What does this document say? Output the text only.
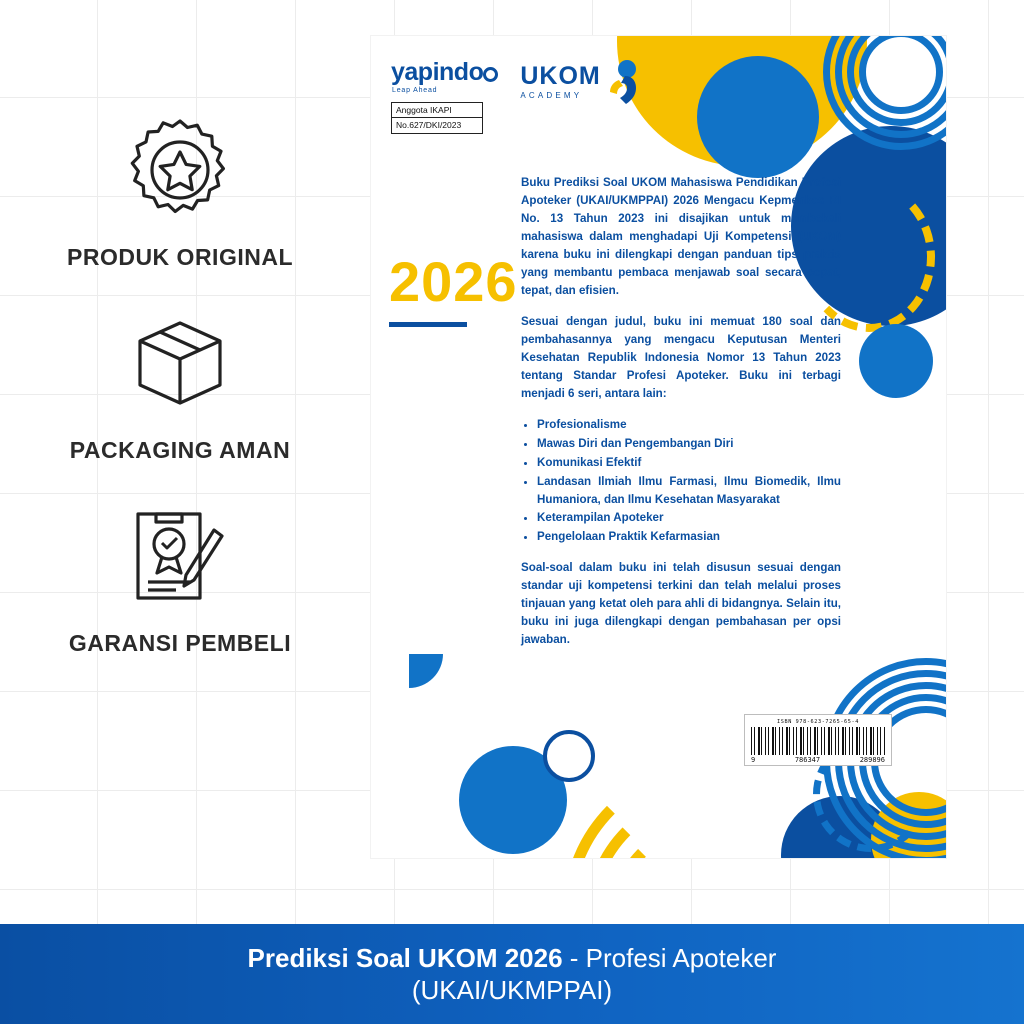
PRODUK ORIGINAL
PACKAGING AMAN
GARANSI PEMBELI
yapindo
Leap Ahead
Anggota IKAPI
No.627/DKI/2023
UKOM
ACADEMY
2026

Buku Prediksi Soal UKOM Mahasiswa Pendidikan Profesi Apoteker (UKAI/UKMPPAI) 2026 Mengacu Kepmenkes RI No. 13 Tahun 2023 ini disajikan untuk membekali mahasiswa dalam menghadapi Uji Kompetensi (UKOM) karena buku ini dilengkapi dengan panduan tips praktis yang membantu pembaca menjawab soal secara cepat, tepat, dan efisien.

Sesuai dengan judul, buku ini memuat 180 soal dan pembahasannya yang mengacu Keputusan Menteri Kesehatan Republik Indonesia Nomor 13 Tahun 2023 tentang Standar Profesi Apoteker. Buku ini terbagi menjadi 6 seri, antara lain:

• Profesionalisme
• Mawas Diri dan Pengembangan Diri
• Komunikasi Efektif
• Landasan Ilmiah Ilmu Farmasi, Ilmu Biomedik, Ilmu Humaniora, dan Ilmu Kesehatan Masyarakat
• Keterampilan Apoteker
• Pengelolaan Praktik Kefarmasian

Soal-soal dalam buku ini telah disusun sesuai dengan standar uji kompetensi terkini dan telah melalui proses tinjauan yang ketat oleh para ahli di bidangnya. Selain itu, buku ini juga dilengkapi dengan pembahasan per opsi jawaban.

ISBN 978-623-7265-65-4
9	786347	289896
Prediksi Soal UKOM 2026 - Profesi Apoteker
(UKAI/UKMPPAI)
